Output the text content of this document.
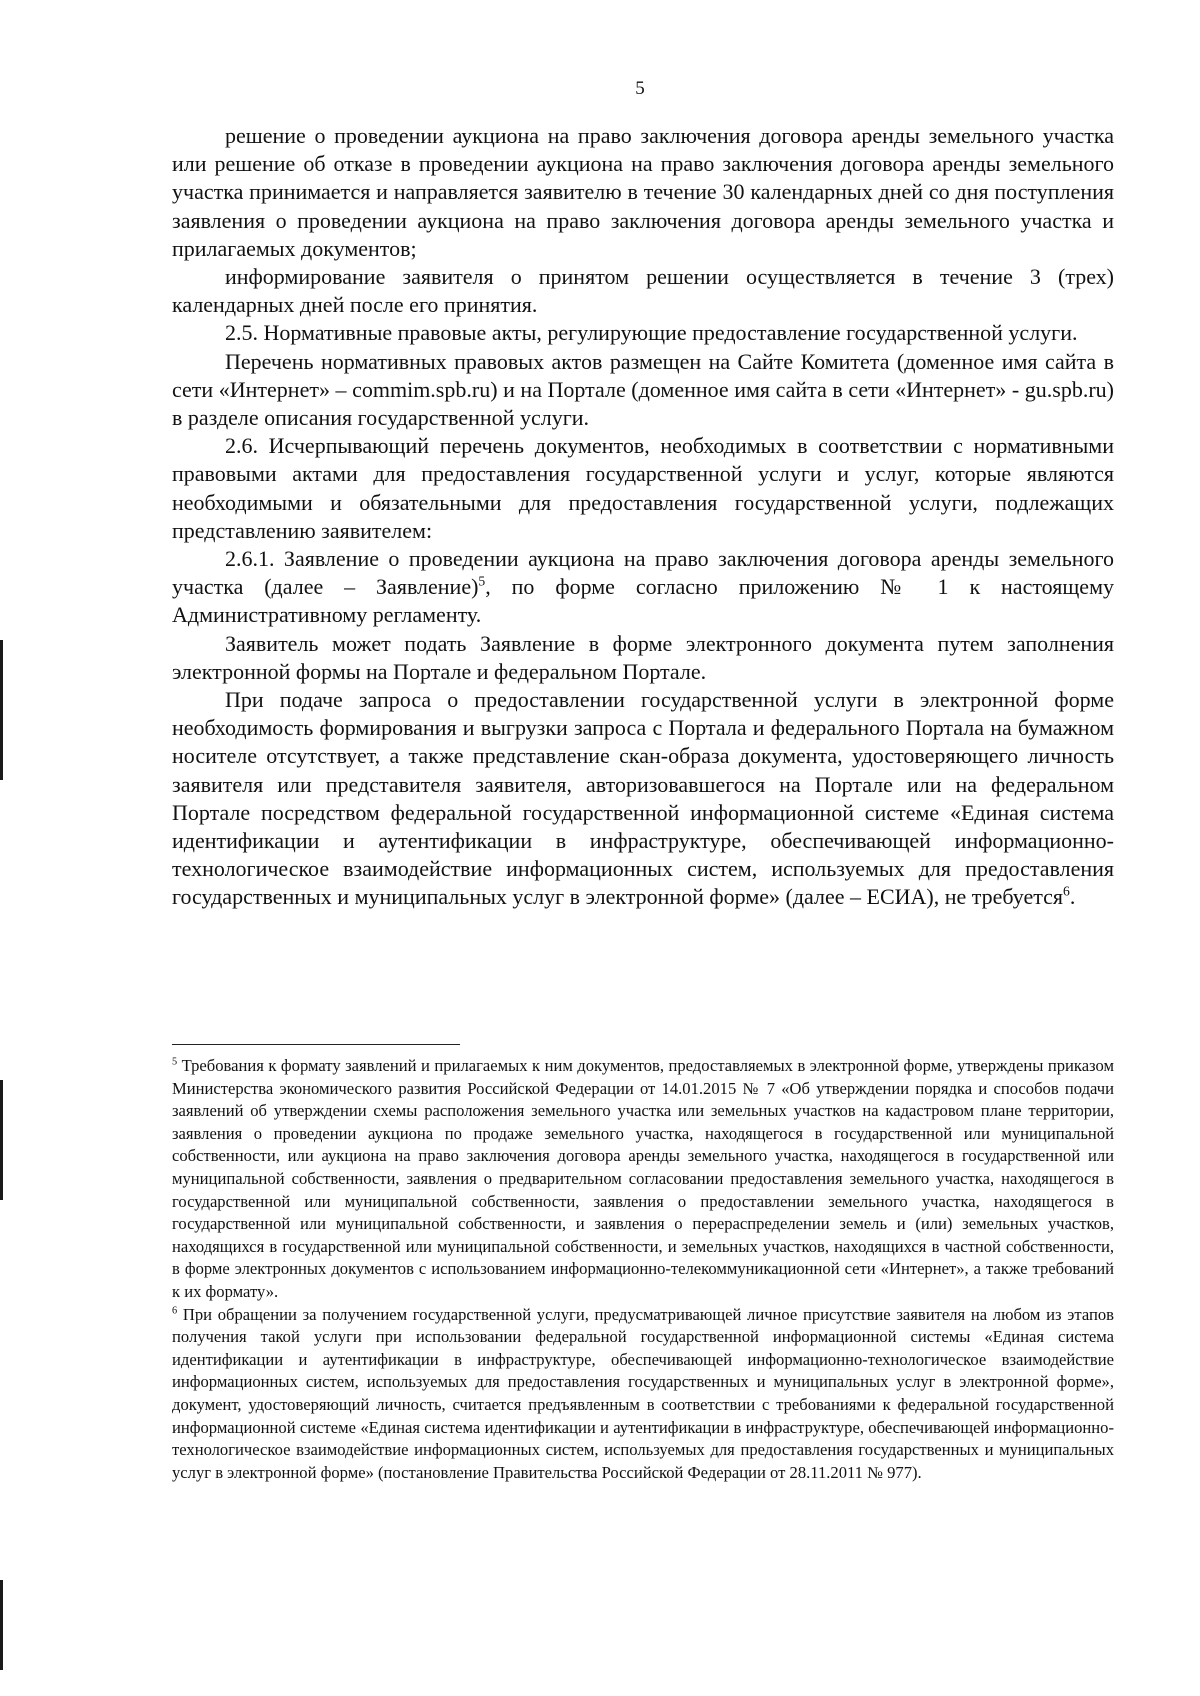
5

решение о проведении аукциона на право заключения договора аренды земельного участка или решение об отказе в проведении аукциона на право заключения договора аренды земельного участка принимается и направляется заявителю в течение 30 календарных дней со дня поступления заявления о проведении аукциона на право заключения договора аренды земельного участка и прилагаемых документов;

информирование заявителя о принятом решении осуществляется в течение 3 (трех) календарных дней после его принятия.

2.5. Нормативные правовые акты, регулирующие предоставление государственной услуги.

Перечень нормативных правовых актов размещен на Сайте Комитета (доменное имя сайта в сети «Интернет» – commim.spb.ru) и на Портале (доменное имя сайта в сети «Интернет» - gu.spb.ru) в разделе описания государственной услуги.

2.6. Исчерпывающий перечень документов, необходимых в соответствии с нормативными правовыми актами для предоставления государственной услуги и услуг, которые являются необходимыми и обязательными для предоставления государственной услуги, подлежащих представлению заявителем:

2.6.1. Заявление о проведении аукциона на право заключения договора аренды земельного участка (далее – Заявление)$^5$, по форме согласно приложению № 1 к настоящему Административному регламенту.

Заявитель может подать Заявление в форме электронного документа путем заполнения электронной формы на Портале и федеральном Портале.

При подаче запроса о предоставлении государственной услуги в электронной форме необходимость формирования и выгрузки запроса с Портала и федерального Портала на бумажном носителе отсутствует, а также представление скан-образа документа, удостоверяющего личность заявителя или представителя заявителя, авторизовавшегося на Портале или на федеральном Портале посредством федеральной государственной информационной системе «Единая система идентификации и аутентификации в инфраструктуре, обеспечивающей информационно-технологическое взаимодействие информационных систем, используемых для предоставления государственных и муниципальных услуг в электронной форме» (далее – ЕСИА), не требуется$^6$.

$^5$ Требования к формату заявлений и прилагаемых к ним документов, предоставляемых в электронной форме, утверждены приказом Министерства экономического развития Российской Федерации от 14.01.2015 № 7 «Об утверждении порядка и способов подачи заявлений об утверждении схемы расположения земельного участка или земельных участков на кадастровом плане территории, заявления о проведении аукциона по продаже земельного участка, находящегося в государственной или муниципальной собственности, или аукциона на право заключения договора аренды земельного участка, находящегося в государственной или муниципальной собственности, заявления о предварительном согласовании предоставления земельного участка, находящегося в государственной или муниципальной собственности, заявления о предоставлении земельного участка, находящегося в государственной или муниципальной собственности, и заявления о перераспределении земель и (или) земельных участков, находящихся в государственной или муниципальной собственности, и земельных участков, находящихся в частной собственности, в форме электронных документов с использованием информационно-телекоммуникационной сети «Интернет», а также требований к их формату».

$^6$ При обращении за получением государственной услуги, предусматривающей личное присутствие заявителя на любом из этапов получения такой услуги при использовании федеральной государственной информационной системы «Единая система идентификации и аутентификации в инфраструктуре, обеспечивающей информационно-технологическое взаимодействие информационных систем, используемых для предоставления государственных и муниципальных услуг в электронной форме», документ, удостоверяющий личность, считается предъявленным в соответствии с требованиями к федеральной государственной информационной системе «Единая система идентификации и аутентификации в инфраструктуре, обеспечивающей информационно-технологическое взаимодействие информационных систем, используемых для предоставления государственных и муниципальных услуг в электронной форме» (постановление Правительства Российской Федерации от 28.11.2011 № 977).
